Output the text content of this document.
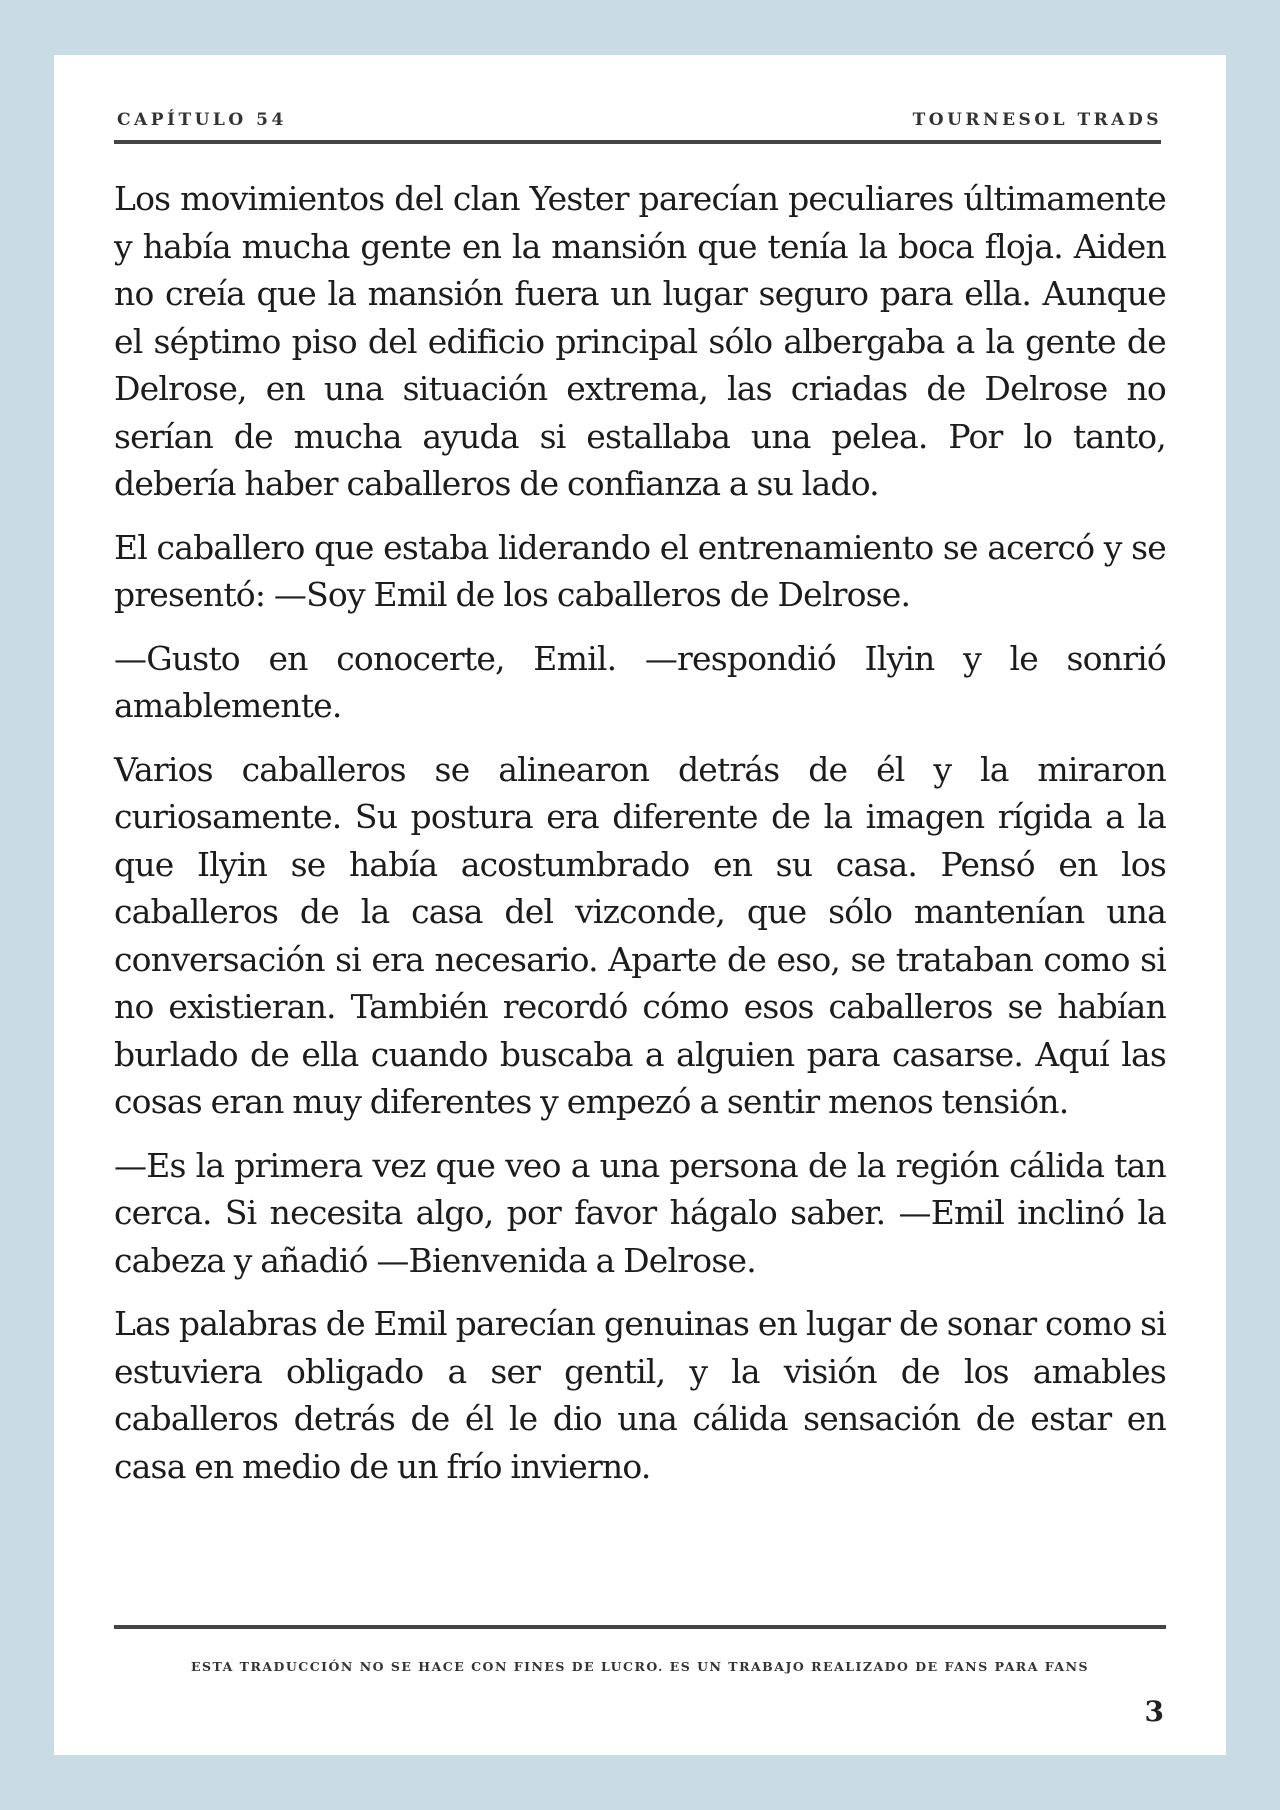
CAPÍTULO 54	TOURNESOL TRADS

Los movimientos del clan Yester parecían peculiares últimamente y había mucha gente en la mansión que tenía la boca floja. Aiden no creía que la mansión fuera un lugar seguro para ella. Aunque el séptimo piso del edificio principal sólo albergaba a la gente de Delrose, en una situación extrema, las criadas de Delrose no serían de mucha ayuda si estallaba una pelea. Por lo tanto, debería haber caballeros de confianza a su lado.

El caballero que estaba liderando el entrenamiento se acercó y se presentó: —Soy Emil de los caballeros de Delrose.

—Gusto en conocerte, Emil. —respondió Ilyin y le sonrió amablemente.

Varios caballeros se alinearon detrás de él y la miraron curiosamente. Su postura era diferente de la imagen rígida a la que Ilyin se había acostumbrado en su casa. Pensó en los caballeros de la casa del vizconde, que sólo mantenían una conversación si era necesario. Aparte de eso, se trataban como si no existieran. También recordó cómo esos caballeros se habían burlado de ella cuando buscaba a alguien para casarse. Aquí las cosas eran muy diferentes y empezó a sentir menos tensión.

—Es la primera vez que veo a una persona de la región cálida tan cerca. Si necesita algo, por favor hágalo saber. —Emil inclinó la cabeza y añadió —Bienvenida a Delrose.

Las palabras de Emil parecían genuinas en lugar de sonar como si estuviera obligado a ser gentil, y la visión de los amables caballeros detrás de él le dio una cálida sensación de estar en casa en medio de un frío invierno.

ESTA TRADUCCIÓN NO SE HACE CON FINES DE LUCRO. ES UN TRABAJO REALIZADO DE FANS PARA FANS
3
